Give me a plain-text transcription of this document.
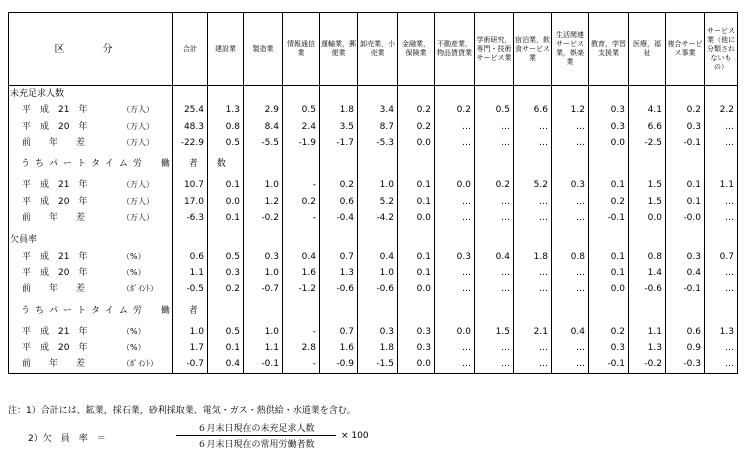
区　分	合計	建設業	製造業	情報通信業	運輸業，郵便業	卸売業，小売業	金融業，保険業	不動産業，物品賃貸業	学術研究，専門・技術サービス業	宿泊業，飲食サービス業	生活関連サービス業，娯楽業	教育，学習支援業	医療，福祉	複合サービス事業	サービス業（他に分類されないもの）
未充足求人数															
平　成　21　年 （万人）	25.4	1.3	2.9	0.5	1.8	3.4	0.2	0.2	0.5	6.6	1.2	0.3	4.1	0.2	2.2
平　成　20　年 （万人）	48.3	0.8	8.4	2.4	3.5	8.7	0.2	…	…	…	…	0.3	6.6	0.3	…
前　　年　　差 （万人）	-22.9	0.5	-5.5	-1.9	-1.7	-5.3	0.0	…	…	…	…	0.0	-2.5	-0.1	…
うちパートタイム労　働　者　数															
平　成　21　年 （万人）	10.7	0.1	1.0	-	0.2	1.0	0.1	0.0	0.2	5.2	0.3	0.1	1.5	0.1	1.1
平　成　20　年 （万人）	17.0	0.0	1.2	0.2	0.6	5.2	0.1	…	…	…	…	0.2	1.5	0.1	…
前　　年　　差 （万人）	-6.3	0.1	-0.2	-	-0.4	-4.2	0.0	…	…	…	…	-0.1	0.0	-0.0	…

欠員率															
平　成　21　年 （%）	0.6	0.5	0.3	0.4	0.7	0.4	0.1	0.3	0.4	1.8	0.8	0.1	0.8	0.3	0.7
平　成　20　年 （%）	1.1	0.3	1.0	1.6	1.3	1.0	0.1	…	…	…	…	0.1	1.4	0.4	…
前　　年　　差 （ﾎﾟｲﾝﾄ）	-0.5	0.2	-0.7	-1.2	-0.6	-0.6	0.0	…	…	…	…	0.0	-0.6	-0.1	…
うちパートタイム労　働　者															
平　成　21　年 （%）	1.0	0.5	1.0	-	0.7	0.3	0.3	0.0	1.5	2.1	0.4	0.2	1.1	0.6	1.3
平　成　20　年 （%）	1.7	0.1	1.1	2.8	1.6	1.8	0.3	…	…	…	…	0.3	1.3	0.9	…
前　　年　　差 （ﾎﾟｲﾝﾄ）	-0.7	0.4	-0.1	-	-0.9	-1.5	0.0	…	…	…	…	-0.1	-0.2	-0.3	…
注：1）合計には、鉱業，採石業，砂利採取業、電気・ガス・熱供給・水道業を含む。
2）欠　員　率　＝
６月末日現在の未充足求人数
６月末日現在の常用労働者数
× 100
